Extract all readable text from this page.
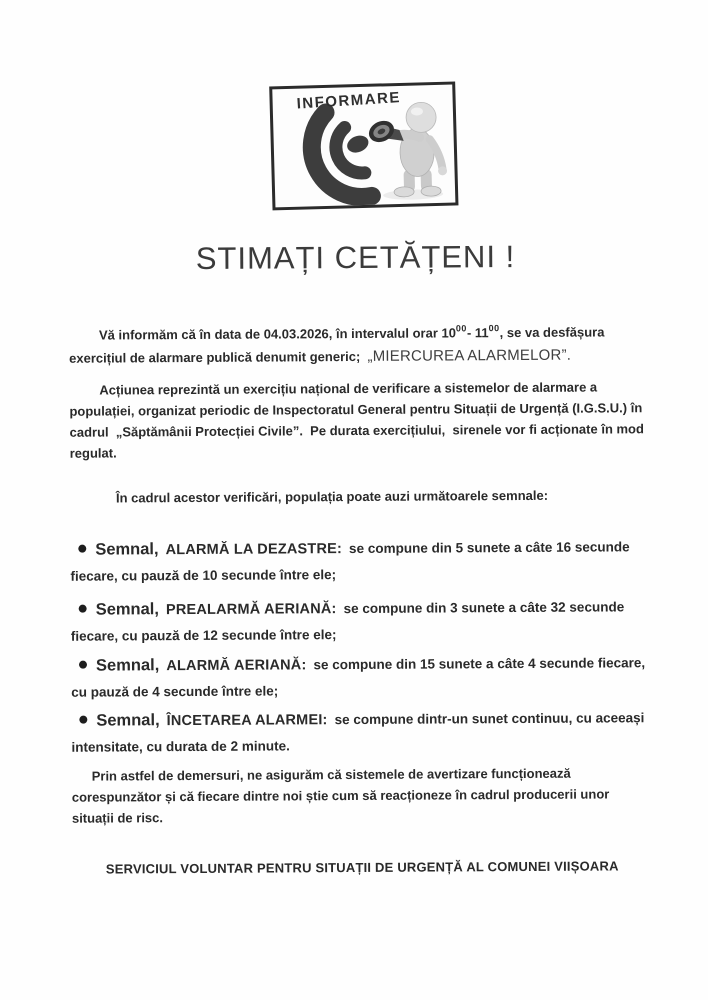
INFORMARE
STIMAȚI CETĂȚENI !

Vă informăm că în data de 04.03.2026, în intervalul orar $10^{00}-$ $11^{00}$, se va desfășura exercițiul de alarmare publică denumit generic;  „MIERCUREA ALARMELOR”.

Acțiunea reprezintă un exercițiu național de verificare a sistemelor de alarmare a populației, organizat periodic de Inspectoratul General pentru Situații de Urgență (I.G.S.U.) în cadrul  „Săptămânii Protecției Civile”.  Pe durata exercițiului,  sirenele vor fi acționate în mod regulat.

În cadrul acestor verificări, populația poate auzi următoarele semnale:

Semnal, ALARMĂ LA DEZASTRE: se compune din 5 sunete a câte 16 secunde fiecare, cu pauză de 10 secunde între ele;

Semnal, PREALARMĂ AERIANĂ: se compune din 3 sunete a câte 32 secunde fiecare, cu pauză de 12 secunde între ele;

Semnal, ALARMĂ AERIANĂ: se compune din 15 sunete a câte 4 secunde fiecare, cu pauză de 4 secunde între ele;

Semnal, ÎNCETAREA ALARMEI: se compune dintr-un sunet continuu, cu aceeași intensitate, cu durata de 2 minute.

Prin astfel de demersuri, ne asigurăm că sistemele de avertizare funcționează corespunzător și că fiecare dintre noi știe cum să reacționeze în cadrul producerii unor situații de risc.

SERVICIUL VOLUNTAR PENTRU SITUAȚII DE URGENȚĂ AL COMUNEI VIIȘOARA
